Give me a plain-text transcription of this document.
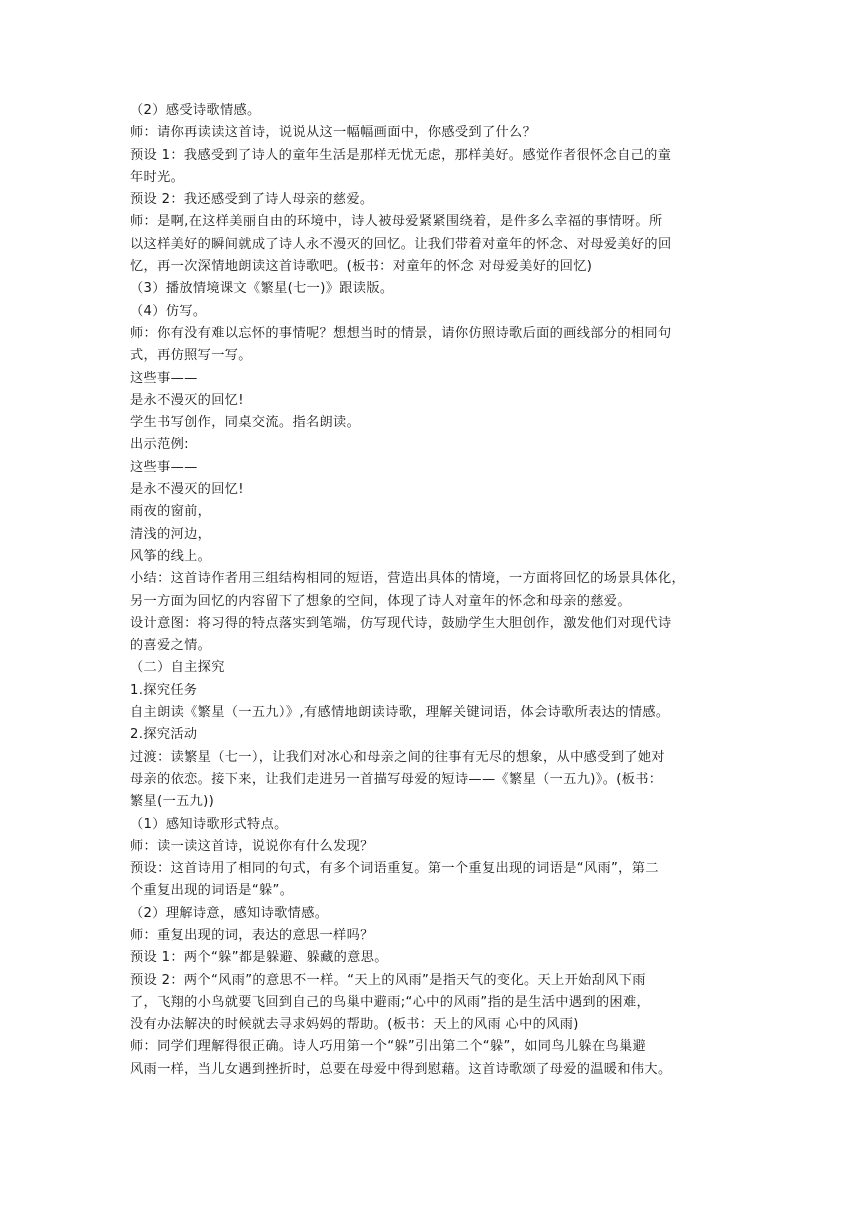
（2）感受诗歌情感。
师：请你再读读这首诗，说说从这一幅幅画面中，你感受到了什么？
预设 1：我感受到了诗人的童年生活是那样无忧无虑，那样美好。感觉作者很怀念自己的童
年时光。
预设 2：我还感受到了诗人母亲的慈爱。
师：是啊,在这样美丽自由的环境中，诗人被母爱紧紧围绕着，是件多么幸福的事情呀。所
以这样美好的瞬间就成了诗人永不漫灭的回忆。让我们带着对童年的怀念、对母爱美好的回
忆，再一次深情地朗读这首诗歌吧。(板书：对童年的怀念 对母爱美好的回忆)
（3）播放情境课文《繁星(七一)》跟读版。
（4）仿写。
师：你有没有难以忘怀的事情呢？想想当时的情景，请你仿照诗歌后面的画线部分的相同句
式，再仿照写一写。
这些事——
是永不漫灭的回忆!
学生书写创作，同桌交流。指名朗读。
出示范例:
这些事——
是永不漫灭的回忆!
雨夜的窗前，
清浅的河边，
风筝的线上。
小结：这首诗作者用三组结构相同的短语，营造出具体的情境，一方面将回忆的场景具体化，
另一方面为回忆的内容留下了想象的空间，体现了诗人对童年的怀念和母亲的慈爱。
设计意图：将习得的特点落实到笔端，仿写现代诗，鼓励学生大胆创作，激发他们对现代诗
的喜爱之情。
（二）自主探究
1.探究任务
自主朗读《繁星（一五九）》,有感情地朗读诗歌，理解关键词语，体会诗歌所表达的情感。
2.探究活动
过渡：读繁星（七一），让我们对冰心和母亲之间的往事有无尽的想象，从中感受到了她对
母亲的依恋。接下来，让我们走进另一首描写母爱的短诗——《繁星（一五九)》。(板书：
繁星(一五九))
（1）感知诗歌形式特点。
师：读一读这首诗，说说你有什么发现？
预设：这首诗用了相同的句式，有多个词语重复。第一个重复出现的词语是“风雨”，第二
个重复出现的词语是“躲”。
（2）理解诗意，感知诗歌情感。
师：重复出现的词，表达的意思一样吗？
预设 1：两个“躲”都是躲避、躲藏的意思。
预设 2：两个“风雨”的意思不一样。“天上的风雨”是指天气的变化。天上开始刮风下雨
了，飞翔的小鸟就要飞回到自己的鸟巢中避雨;“心中的风雨”指的是生活中遇到的困难，
没有办法解决的时候就去寻求妈妈的帮助。(板书：天上的风雨 心中的风雨)
师：同学们理解得很正确。诗人巧用第一个“躲”引出第二个“躲”，如同鸟儿躲在鸟巢避
风雨一样，当儿女遇到挫折时，总要在母爱中得到慰藉。这首诗歌颂了母爱的温暖和伟大。
